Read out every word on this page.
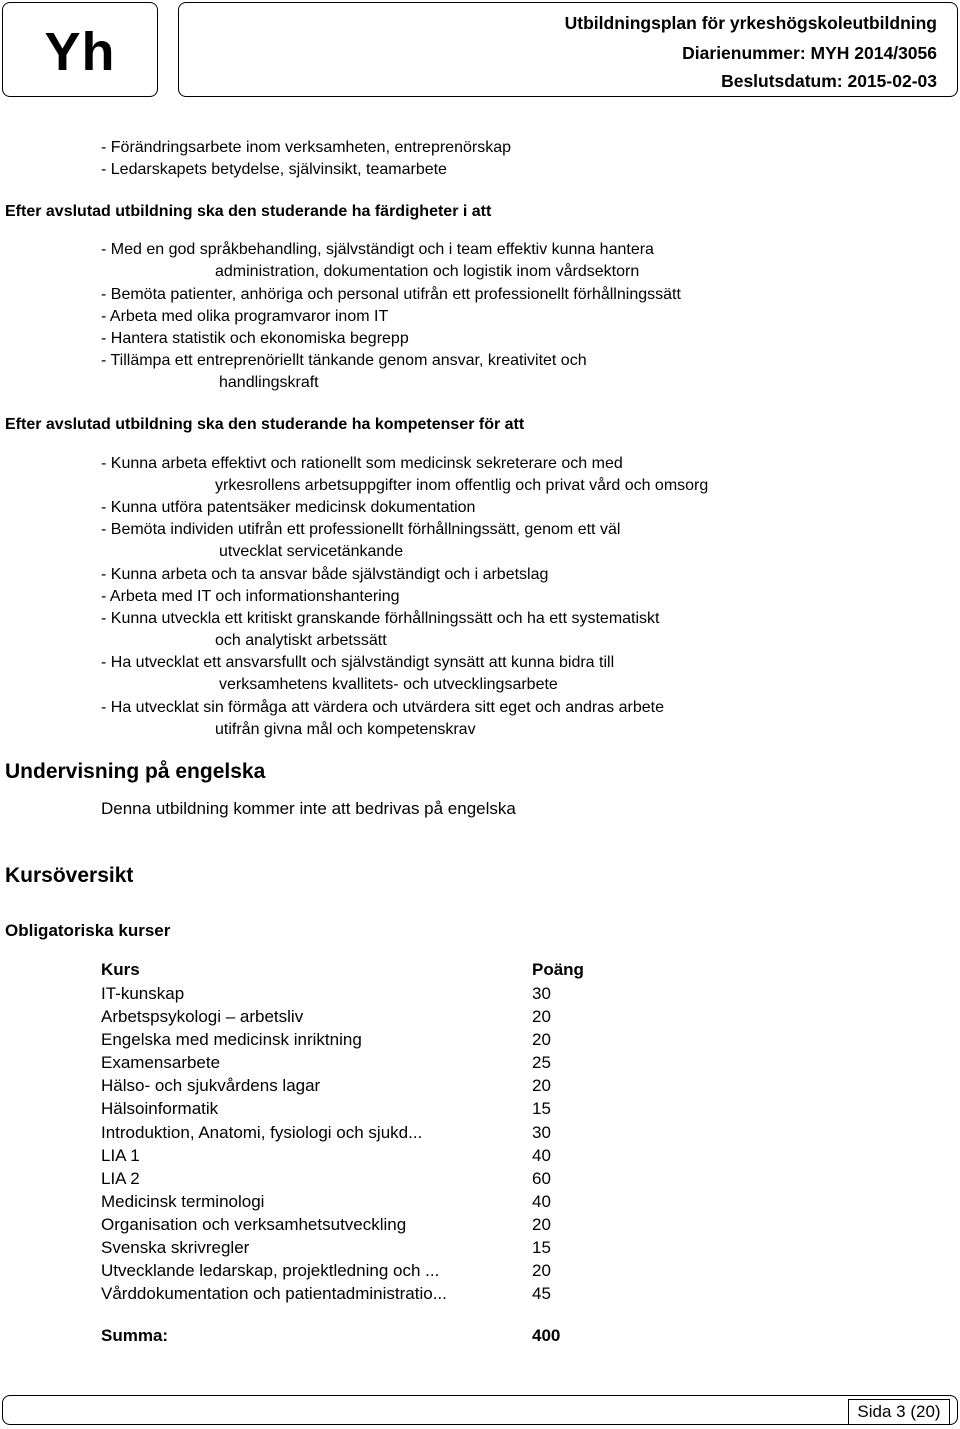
Yh	Utbildningsplan för yrkeshögskoleutbildning
Diarienummer: MYH 2014/3056
Beslutsdatum: 2015-02-03
- Förändringsarbete inom verksamheten, entreprenörskap
- Ledarskapets betydelse, självinsikt, teamarbete
Efter avslutad utbildning ska den studerande ha färdigheter i att
- Med en god språkbehandling, självständigt och i team effektiv kunna hantera
administration, dokumentation och logistik inom vårdsektorn
- Bemöta patienter, anhöriga och personal utifrån ett professionellt förhållningssätt
- Arbeta med olika programvaror inom IT
- Hantera statistik och ekonomiska begrepp
- Tillämpa ett entreprenöriellt tänkande genom ansvar, kreativitet och
handlingskraft
Efter avslutad utbildning ska den studerande ha kompetenser för att
- Kunna arbeta effektivt och rationellt som medicinsk sekreterare och med
yrkesrollens arbetsuppgifter inom offentlig och privat vård och omsorg
- Kunna utföra patentsäker medicinsk dokumentation
- Bemöta individen utifrån ett professionellt förhållningssätt, genom ett väl
utvecklat servicetänkande
- Kunna arbeta och ta ansvar både självständigt och i arbetslag
- Arbeta med IT och informationshantering
- Kunna utveckla ett kritiskt granskande förhållningssätt och ha ett systematiskt
och analytiskt arbetssätt
- Ha utvecklat ett ansvarsfullt och självständigt synsätt att kunna bidra till
verksamhetens kvallitets- och utvecklingsarbete
- Ha utvecklat sin förmåga att värdera och utvärdera sitt eget och andras arbete
utifrån givna mål och kompetenskrav
Undervisning på engelska
Denna utbildning kommer inte att bedrivas på engelska
Kursöversikt
Obligatoriska kurser
Kurs	Poäng
IT-kunskap	30
Arbetspsykologi – arbetsliv	20
Engelska med medicinsk inriktning	20
Examensarbete	25
Hälso- och sjukvårdens lagar	20
Hälsoinformatik	15
Introduktion, Anatomi, fysiologi och sjukd...	30
LIA 1	40
LIA 2	60
Medicinsk terminologi	40
Organisation och verksamhetsutveckling	20
Svenska skrivregler	15
Utvecklande ledarskap, projektledning och ...	20
Vårddokumentation och patientadministratio...	45
Summa:	400
Sida 3 (20)
